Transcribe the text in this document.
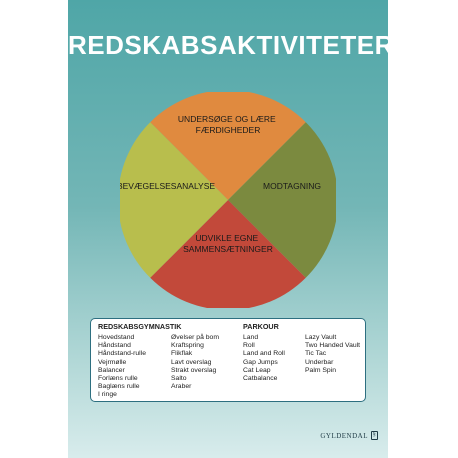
REDSKABSAKTIVITETER
UNDERSØGE OG LÆRE FÆRDIGHEDER
MODTAGNING
UDVIKLE EGNE SAMMENSÆTNINGER
BEVÆGELSESANALYSE
REDSKABSGYMNASTIK
Hovedstand
Håndstand
Håndstand-rulle
Vejrmølle
Balancer
Forlæns rulle
Baglæns rulle
I ringe
Øvelser på bom
Kraftspring
Flikflak
Lavt overslag
Strakt overslag
Salto
Araber
PARKOUR
Land
Roll
Land and Roll
Gap Jumps
Cat Leap
Catbalance
Lazy Vault
Two Handed Vault
Tic Tac
Underbar
Palm Spin
GYLDENDAL §
